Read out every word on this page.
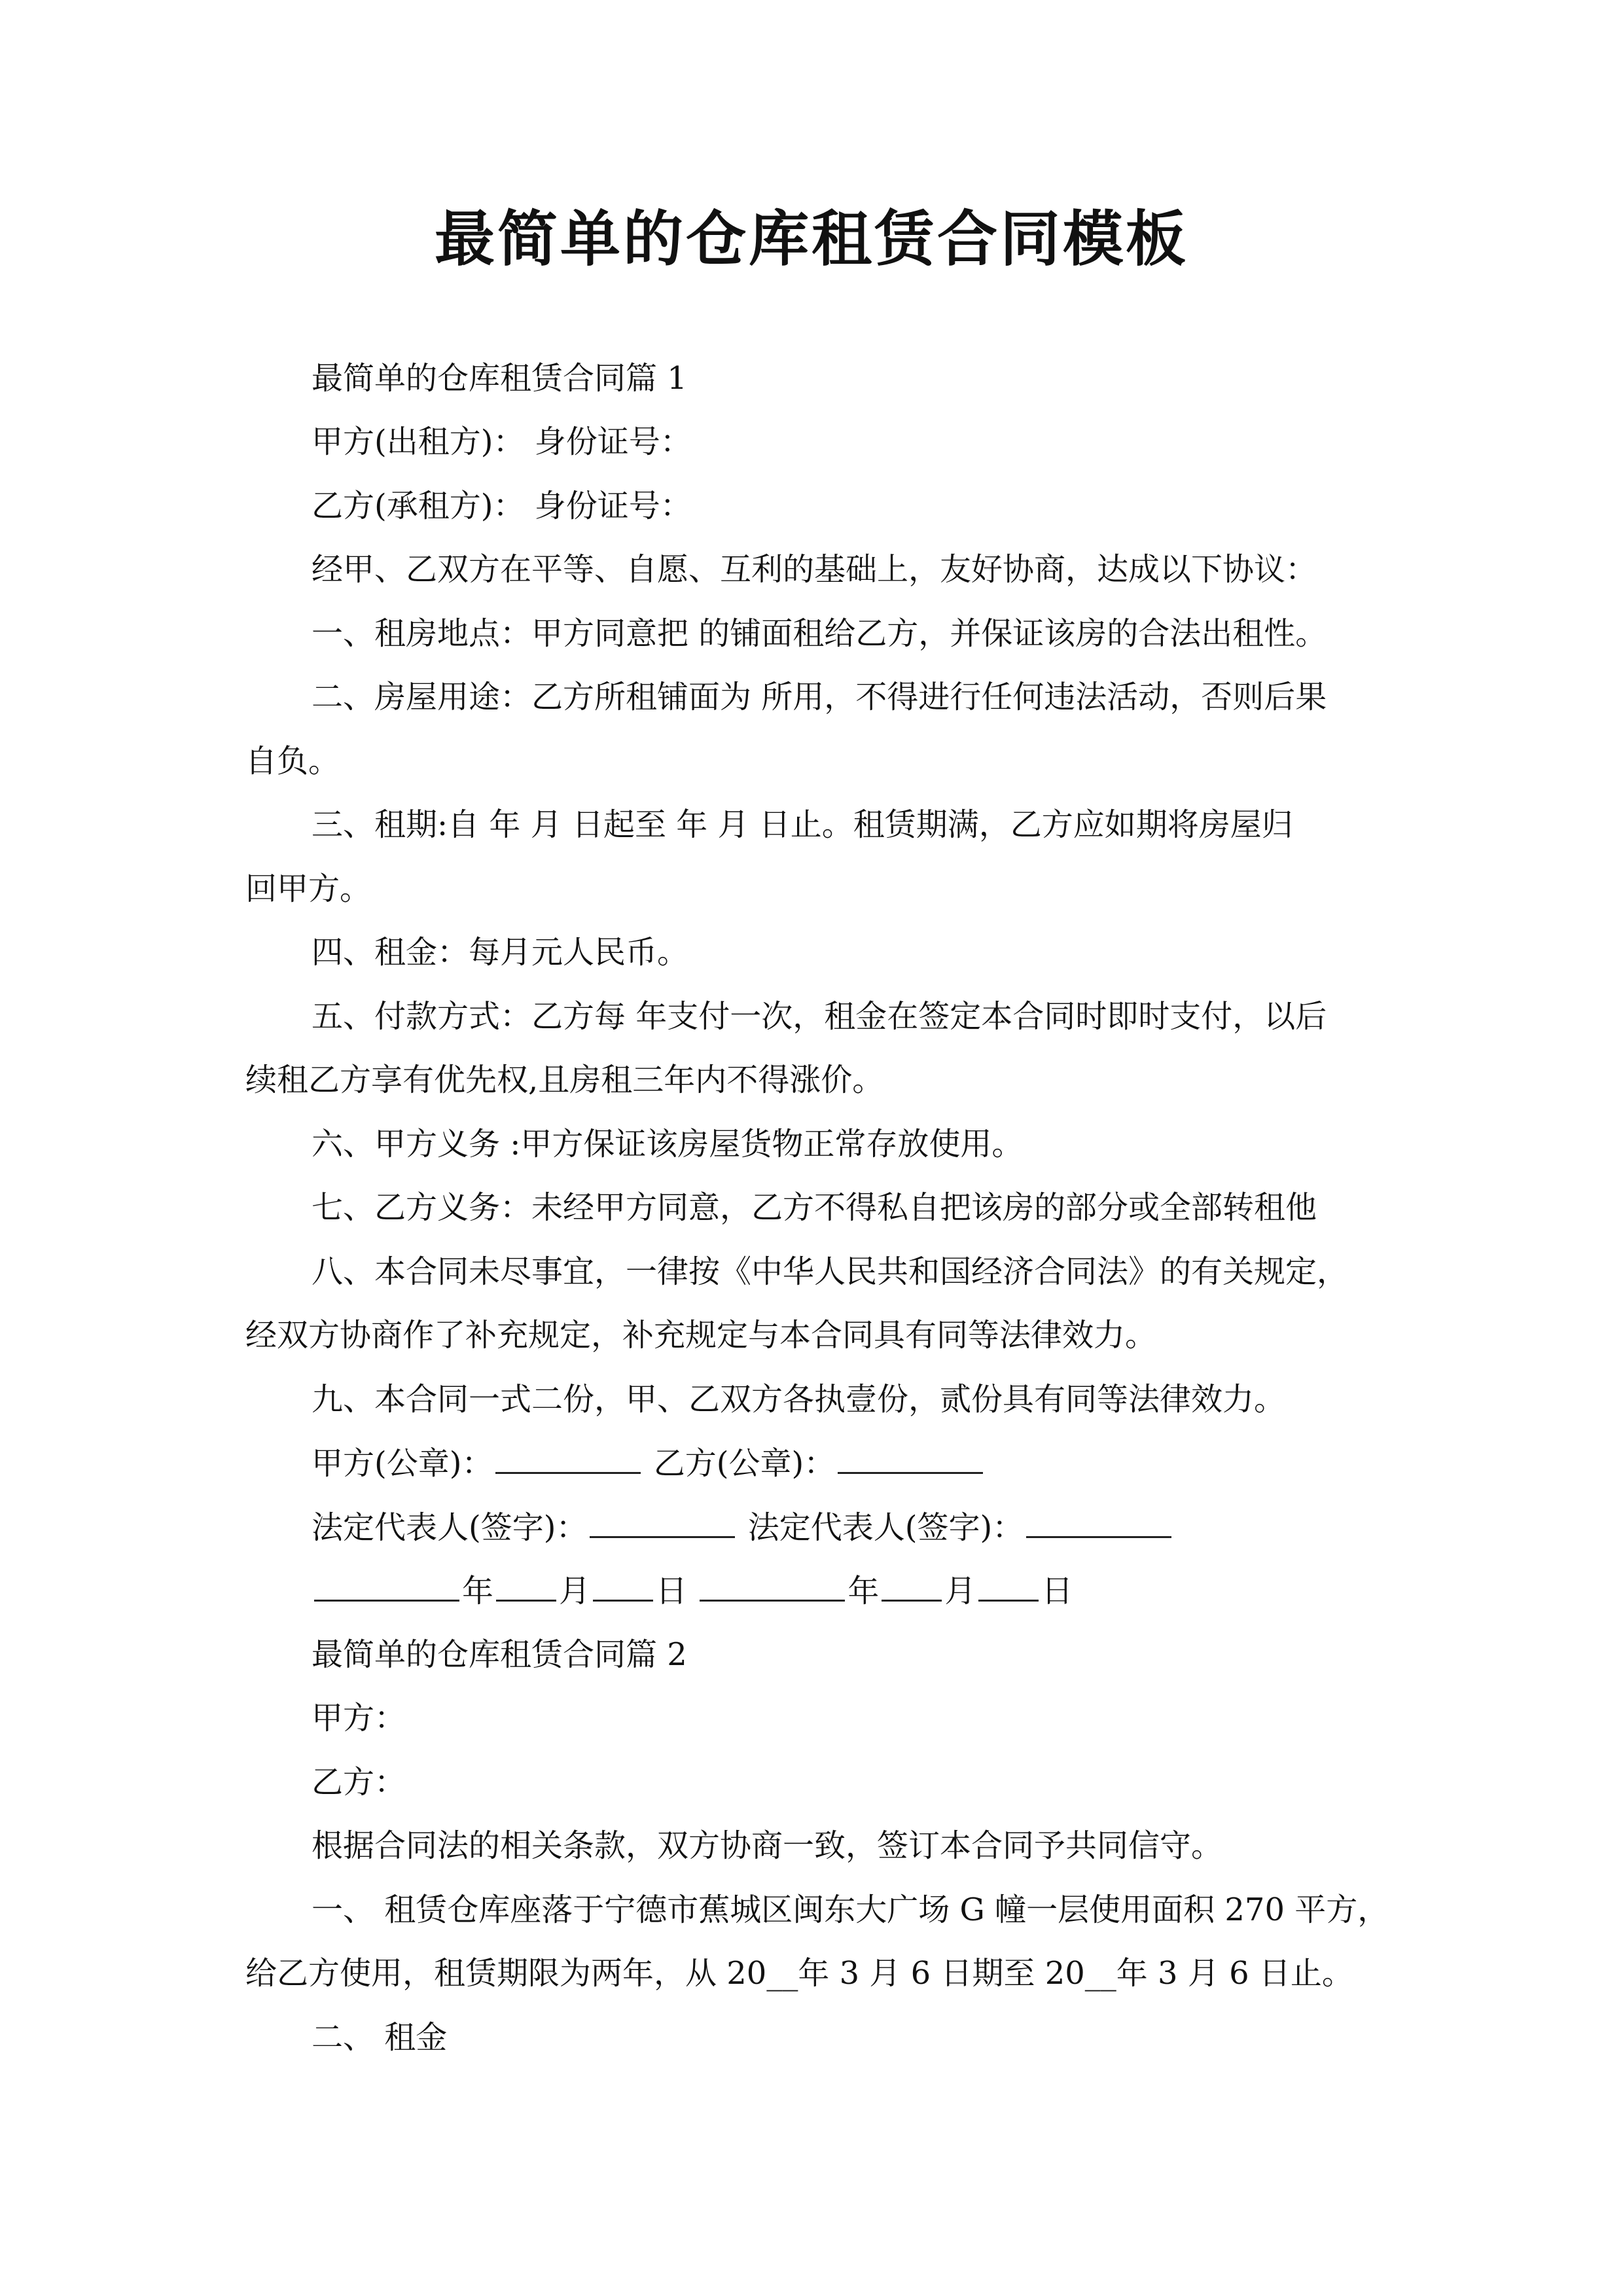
最简单的仓库租赁合同模板
最简单的仓库租赁合同篇 1
甲方(出租方)： 身份证号：
乙方(承租方)： 身份证号：
经甲、乙双方在平等、自愿、互利的基础上，友好协商，达成以下协议：
一、租房地点：甲方同意把 的铺面租给乙方，并保证该房的合法出租性。
二、房屋用途：乙方所租铺面为 所用，不得进行任何违法活动，否则后果
自负。
三、租期:自 年 月 日起至 年 月 日止。租赁期满，乙方应如期将房屋归
回甲方。
四、租金：每月元人民币。
五、付款方式：乙方每 年支付一次，租金在签定本合同时即时支付，以后
续租乙方享有优先权,且房租三年内不得涨价。
六、甲方义务 :甲方保证该房屋货物正常存放使用。
七、乙方义务：未经甲方同意，乙方不得私自把该房的部分或全部转租他
八、本合同未尽事宜，一律按《中华人民共和国经济合同法》的有关规定，
经双方协商作了补充规定，补充规定与本合同具有同等法律效力。
九、本合同一式二份，甲、乙双方各执壹份，贰份具有同等法律效力。
甲方(公章)：	乙方(公章)：
法定代表人(签字)：	法定代表人(签字)：
年 月 日	年 月 日
最简单的仓库租赁合同篇 2
甲方：
乙方：
根据合同法的相关条款，双方协商一致，签订本合同予共同信守。
一、 租赁仓库座落于宁德市蕉城区闽东大广场 G 幢一层使用面积 270 平方，
给乙方使用，租赁期限为两年，从 20__年 3 月 6 日期至 20__年 3 月 6 日止。
二、 租金
